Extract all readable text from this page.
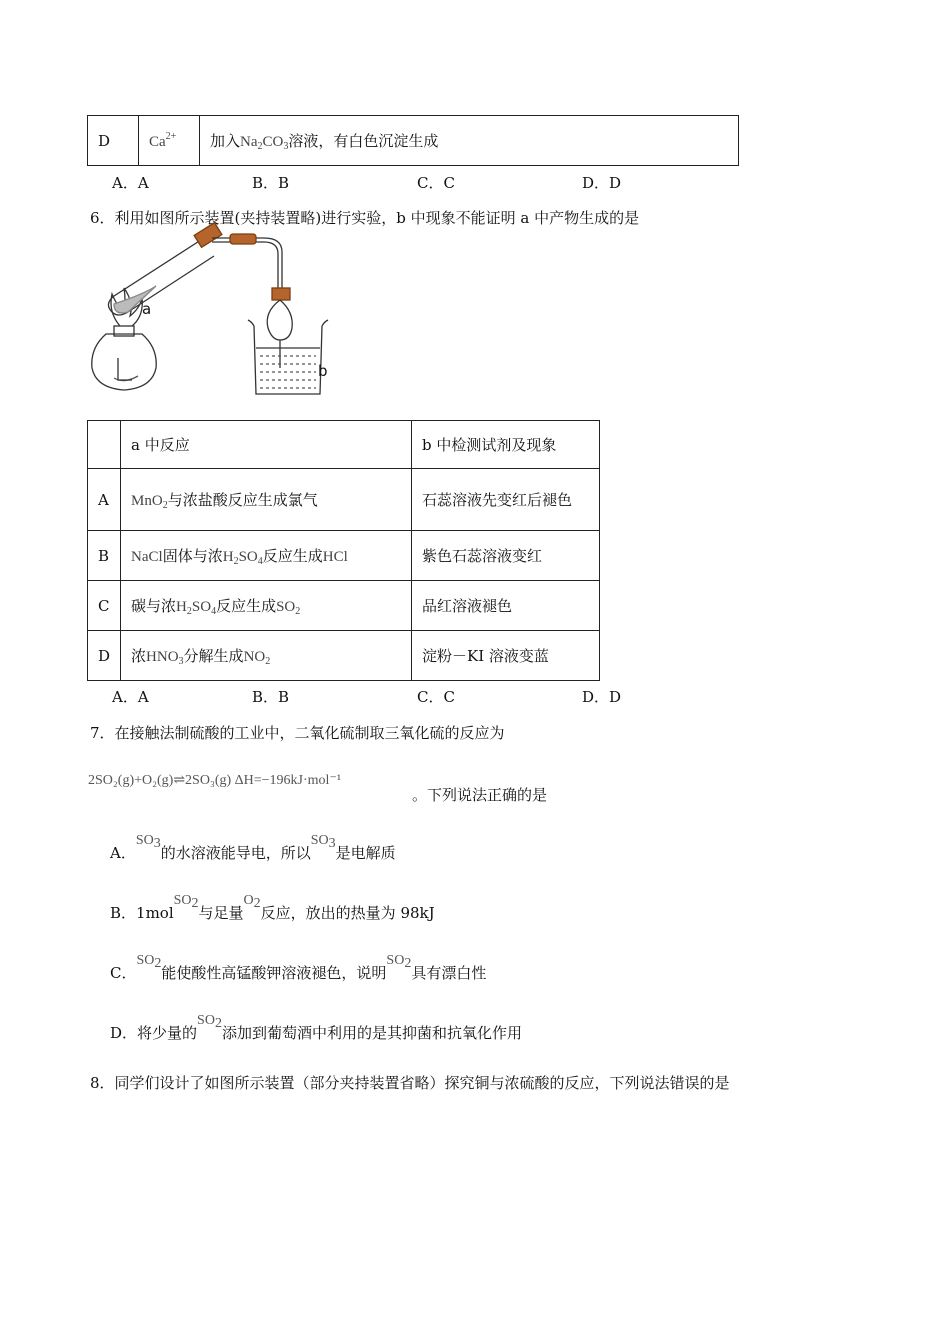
D	$Ca^{2+}$	加入$Na_2CO_3$溶液，有白色沉淀生成
A．A	B．B	C．C	D．D
6．利用如图所示装置(夹持装置略)进行实验，b 中现象不能证明 a 中产物生成的是
a
b
	a 中反应	b 中检测试剂及现象
A	MnO$_2$与浓盐酸反应生成氯气	石蕊溶液先变红后褪色
B	NaCl固体与浓$H_2SO_4$反应生成HCl	紫色石蕊溶液变红
C	碳与浓$H_2SO_4$反应生成$SO_2$	品红溶液褪色
D	浓$HNO_3$分解生成$NO_2$	淀粉－KI 溶液变蓝
A．A	B．B	C．C	D．D
7．在接触法制硫酸的工业中，二氧化硫制取三氧化硫的反应为
2SO₂(g)+O₂(g)⇌2SO₃(g) ΔH=−196kJ·mol⁻¹
。下列说法正确的是
A．SO3的水溶液能导电，所以SO3是电解质
B．1molSO2与足量O2反应，放出的热量为 98kJ
C．SO2能使酸性高锰酸钾溶液褪色，说明SO2具有漂白性
D．将少量的SO2添加到葡萄酒中利用的是其抑菌和抗氧化作用
8．同学们设计了如图所示装置（部分夹持装置省略）探究铜与浓硫酸的反应，下列说法错误的是
